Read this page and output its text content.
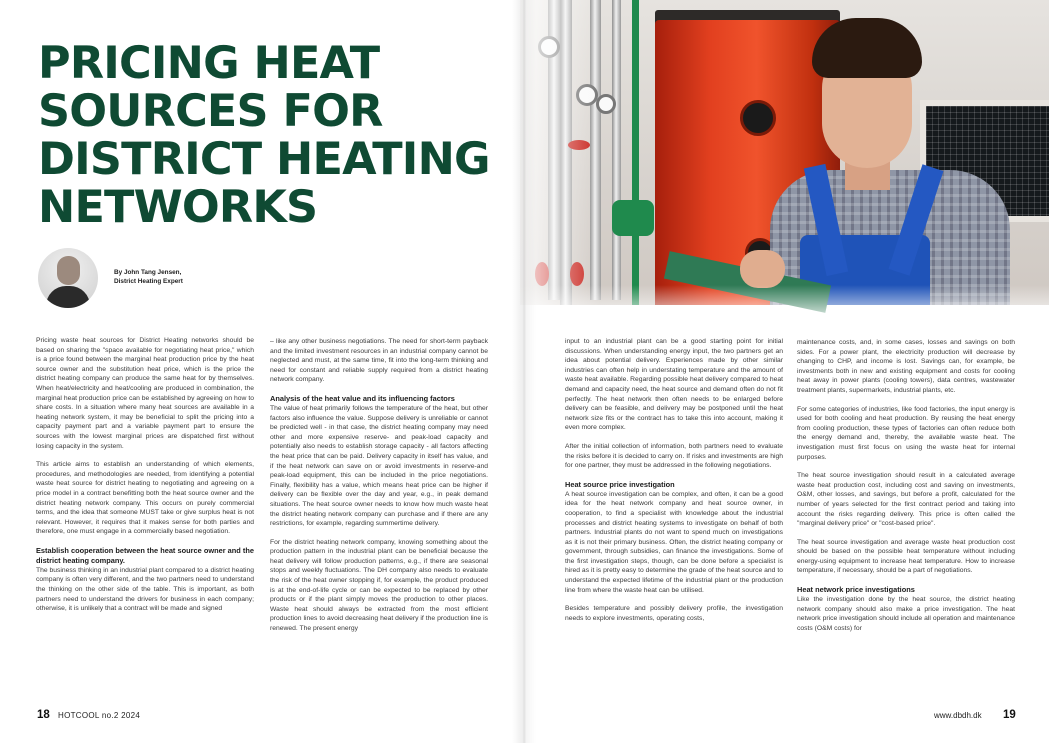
PRICING HEAT SOURCES FOR DISTRICT HEATING NETWORKS
By John Tang Jensen,
District Heating Expert

Pricing waste heat sources for District Heating networks should be based on sharing the "space available for negotiating heat price," which is a price found between the marginal heat production price by the heat source owner and the substitution heat price, which is the price the district heating company can produce the same heat for by themselves. When heat/electricity and heat/cooling are produced in combination, the marginal heat production price can be established by agreeing on how to share costs. In a situation where many heat sources are available in a heating network system, it may be beneficial to split the pricing into a capacity payment part and a variable payment part to ensure the sources with the lowest marginal prices are dispatched first without losing capacity in the system.

This article aims to establish an understanding of which elements, procedures, and methodologies are needed, from identifying a potential waste heat source for district heating to negotiating and agreeing on a price model in a contract benefitting both the heat source owner and the district heating network company. This occurs on purely commercial terms, and the idea that someone MUST take or give surplus heat is not relevant. However, it requires that it makes sense for both parties and therefore, one must engage in a commercially based negotiation.

Establish cooperation between the heat source owner and the district heating company.

The business thinking in an industrial plant compared to a district heating company is often very different, and the two partners need to understand the thinking on the other side of the table. This is important, as both partners need to understand the drivers for business in each company; otherwise, it is unlikely that a contract will be made and signed

– like any other business negotiations. The need for short-term payback and the limited investment resources in an industrial company cannot be neglected and must, at the same time, fit into the long-term thinking and need for constant and reliable supply required from a district heating network company.

Analysis of the heat value and its influencing factors

The value of heat primarily follows the temperature of the heat, but other factors also influence the value. Suppose delivery is unreliable or cannot be predicted well - in that case, the district heating company may need other and more expensive reserve- and peak-load capacity and potentially also needs to establish storage capacity - all factors affecting the heat price that can be paid. Delivery capacity in itself has value, and if the heat network can save on or avoid investments in reserve-and peak-load equipment, this can be included in the price negotiations. Finally, flexibility has a value, which means heat price can be higher if delivery can be flexible over the day and year, e.g., in peak demand situations. The heat source owner needs to know how much waste heat the district heating network company can purchase and if there are any restrictions, for example, regarding summertime delivery.

For the district heating network company, knowing something about the production pattern in the industrial plant can be beneficial because the heat delivery will follow production patterns, e.g., if there are seasonal stops and weekly fluctuations. The DH company also needs to evaluate the risk of the heat owner stopping if, for example, the product produced is at the end-of-life cycle or can be expected to be replaced by other products or if the plant simply moves the production to other places. Waste heat should always be extracted from the most efficient production lines to avoid decreasing heat delivery if the production line is renewed. The present energy

input to an industrial plant can be a good starting point for initial discussions. When understanding energy input, the two partners get an idea about potential delivery. Experiences made by other similar industries can often help in understating temperature and the amount of waste heat available. Regarding possible heat delivery compared to heat demand and capacity need, the heat source and demand often do not fit perfectly. The heat network then often needs to be enlarged before delivery can be feasible, and delivery may be postponed until the heat network size fits or the contract has to take this into account, making it even more complex.

After the initial collection of information, both partners need to evaluate the risks before it is decided to carry on. If risks and investments are high for one partner, they must be addressed in the following negotiations.

Heat source price investigation

A heat source investigation can be complex, and often, it can be a good idea for the heat network company and heat source owner, in cooperation, to find a specialist with knowledge about the industrial processes and district heating systems to investigate on behalf of both partners. Industrial plants do not want to spend much on investigations as it is not their primary business. Often, the district heating company or government, through subsidies, can finance the investigations. Some of the first investigation steps, though, can be done before a specialist is hired as it is pretty easy to determine the grade of the heat source and to understand the expected lifetime of the industrial plant or the production line from where the waste heat can be utilised.

Besides temperature and possibly delivery profile, the investigation needs to explore investments, operating costs,

maintenance costs, and, in some cases, losses and savings on both sides. For a power plant, the electricity production will decrease by changing to CHP, and income is lost. Savings can, for example, be investments both in new and existing equipment and costs for cooling heat away in power plants (cooling towers), data centres, wastewater treatment plants, supermarkets, industrial plants, etc.

For some categories of industries, like food factories, the input energy is used for both cooling and heat production. By reusing the heat energy from cooling production, these types of factories can often reduce both the energy demand and, thereby, the available waste heat. The investigation must first focus on using the waste heat for internal purposes.

The heat source investigation should result in a calculated average waste heat production cost, including cost and saving on investments, O&M, other losses, and savings, but before a profit, calculated for the number of years selected for the first contract period and taking into account the risks regarding delivery. This price is often called the "marginal delivery price" or "cost-based price".

The heat source investigation and average waste heat production cost should be based on the possible heat temperature without including energy-using equipment to increase heat temperature. How to increase temperature, if necessary, should be a part of negotiations.

Heat network price investigations

Like the investigation done by the heat source, the district heating network company should also make a price investigation. The heat network price investigation should include all operation and maintenance costs (O&M costs) for

18 HOTCOOL no.2 2024	www.dbdh.dk 19
